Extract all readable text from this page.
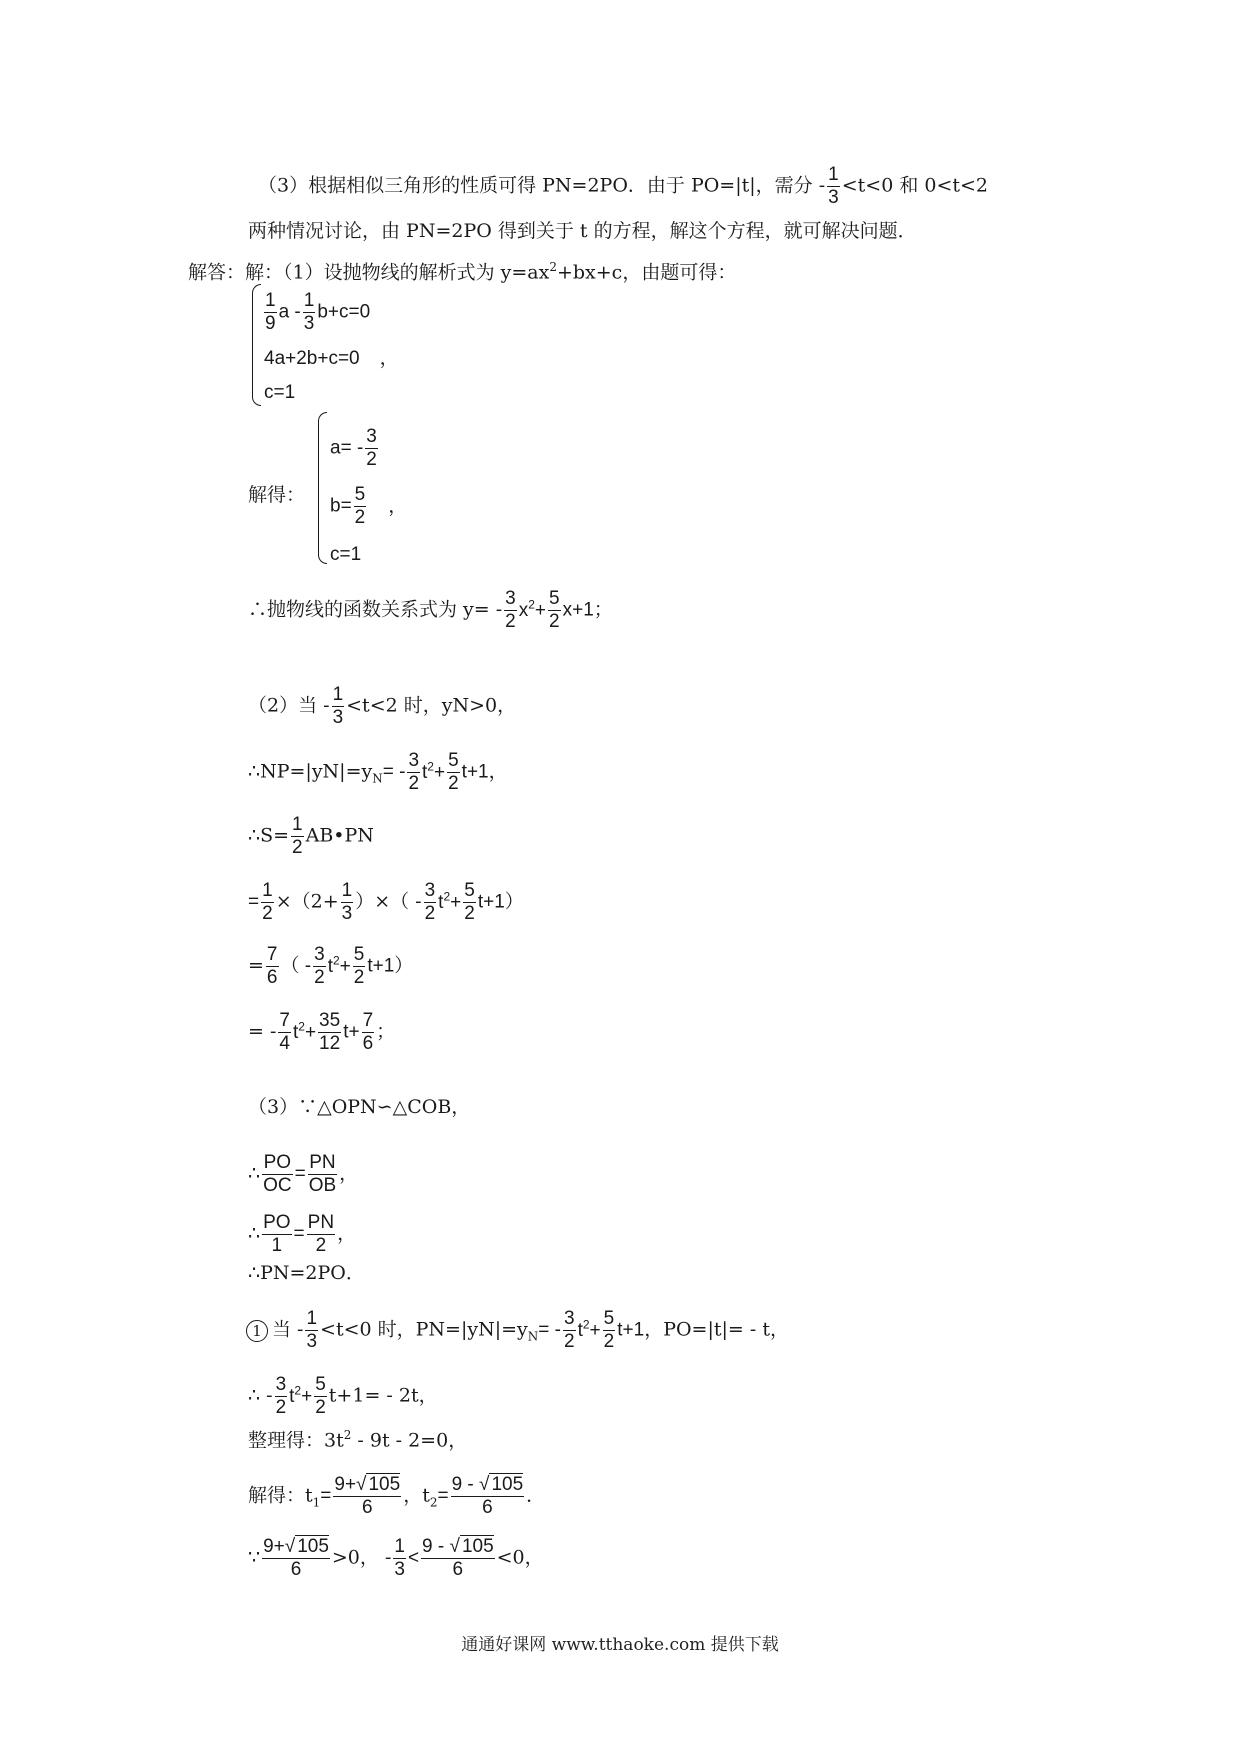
（3）根据相似三角形的性质可得 PN=2PO．由于 PO=|t|，需分 - $\frac{1}{3} <t<0$ 和 0<t<2
两种情况讨论，由 PN=2PO 得到关于 t 的方程，解这个方程，就可解决问题．
解答：解：（1）设抛物线的解析式为 $y=ax^2+bx+c$，由题可得：
$\frac{1}{9}$ $a - \frac{1}{3} b+c=0$
4a+2b+c=0 ，
c=1
解得：
$a= - \frac{3}{2}$
$b= \frac{5}{2}$ ，
c=1
∴抛物线的函数关系式为 $y= - \frac{3}{2} x^2+ \frac{5}{2} x+1$；
（2）当 - $\frac{1}{3} <t<2$ 时，yN>0，
$\therefore NP=|yN|=y_N= - \frac{3}{2} t^2+ \frac{5}{2} t+1$，
∴S= $\frac{1}{2}$ AB•PN
= $\frac{1}{2} \times(2+ \frac{1}{3}$ ）×（ - $\frac{3}{2} t^2+ \frac{5}{2} t+1$）
= $\frac{7}{6}$ （ - $\frac{3}{2} t^2+ \frac{5}{2} t+1$）
= - $\frac{7}{4} t^2+ \frac{35}{12} t+ \frac{7}{6}$ ；
（3）∵△OPN∽△COB，
∴ $\frac{PO}{OC} = \frac{PN}{OB}$ ，
∴ $\frac{PO}{1} = \frac{PN}{2}$ ，
∴PN=2PO．
1 当 - $\frac{1}{3} <t<0$ 时，$PN=|yN|=y_N= - \frac{3}{2} t^2+ \frac{5}{2} t+1$，PO=|t|= - t，
∴ - $\frac{3}{2} t^2+ \frac{5}{2} t+1= - 2t$，
整理得：$3t^2 - 9t - 2=0$，
解得：$t_1= \frac{9+√ 105}{6}$ ，$t_2= \frac{9 - √ 105}{6}$ ．
∵ $\frac{9+√ 105}{6} >0$， - $\frac{1}{3} < \frac{9 - √ 105}{6} <0$，
通通好课网 www.tthaoke.com 提供下载
